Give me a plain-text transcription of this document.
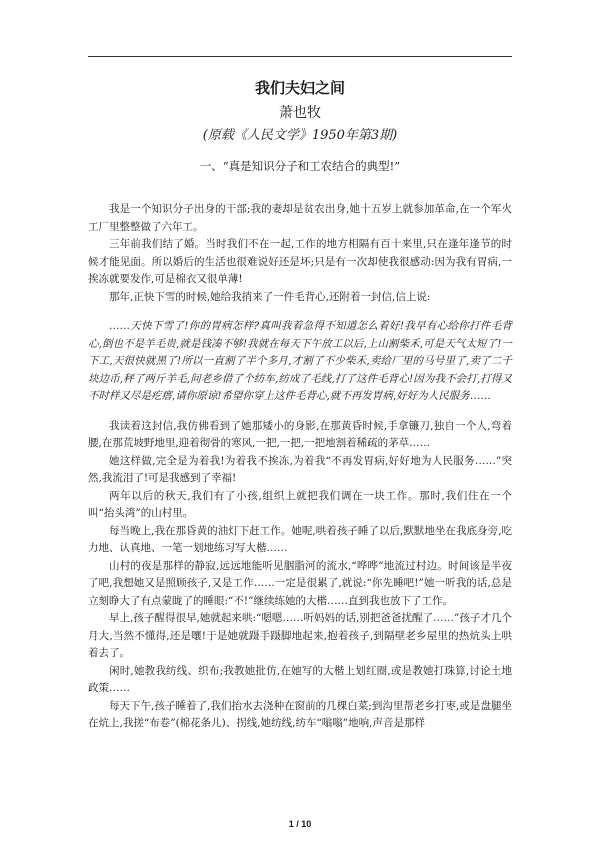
我们夫妇之间

萧也牧

(原载《人民文学》1950年第3期)

一、“真是知识分子和工农结合的典型!”

我是一个知识分子出身的干部;我的妻却是贫农出身,她十五岁上就参加革命,在一个军火工厂里整整做了六年工。

三年前我们结了婚。当时我们不在一起,工作的地方相隔有百十来里,只在逢年逢节的时候才能见面。所以婚后的生活也很难说好还是坏;只是有一次却使我很感动:因为我有胃病,一挨冻就要发作,可是棉衣又很单薄!

那年,正快下雪的时候,她给我捎来了一件毛背心,还附着一封信,信上说:

……天快下雪了!你的胃病怎样?真叫我着急得不知道怎么着好!我早有心给你打件毛背心,倒也不是羊毛贵,就是钱凑不够!我就在每天下午放工以后,上山割柴禾,可是天气太短了!一下工,天很快就黑了!所以一直割了半个多月,才割了不少柴禾,卖给厂里的马号里了,卖了二千块边币,秤了两斤羊毛,问老乡借了个纺车,纺成了毛线,打了这件毛背心!因为我不会打,打得又不时样又尽是疙瘩,请你原谅!希望你穿上这件毛背心,就不再发胃病,好好为人民服务……

我读着这封信,我仿佛看到了她那矮小的身影,在那黄昏时候,手拿镰刀,独自一个人,弯着腰,在那荒坡野地里,迎着彻骨的寒风,一把,一把,一把地割着稀疏的茅草……

她这样做,完全是为着我!为着我不挨冻,为着我“不再发胃病,好好地为人民服务……”突然,我流泪了!可是我感到了幸福!

两年以后的秋天,我们有了小孩,组织上就把我们调在一块工作。那时,我们住在一个叫“抬头湾”的山村里。

每当晚上,我在那昏黄的油灯下赶工作。她呢,哄着孩子睡了以后,默默地坐在我底身旁,吃力地、认真地、一笔一划地练习写大楷……

山村的夜是那样的静寂,远远地能听见胭脂河的流水,“哗哗”地流过村边。时间该是半夜了吧,我想她又是照顾孩子,又是工作……一定是很累了,就说:“你先睡吧!”她一听我的话,总是立刻睁大了有点蒙眬了的睡眼:“不!”继续练她的大楷……直到我也放下了工作。

早上,孩子醒得很早,她就起来哄:“嗯嗯……听妈妈的话,别把爸爸扰醒了……”孩子才几个月大,当然不懂得,还是嚷!于是她就蹑手蹑脚地起来,抱着孩子,到隔壁老乡屋里的热炕头上哄着去了。

闲时,她教我纺线、织布;我教她批仿,在她写的大楷上划红圈,或是教她打珠算,讨论土地政策……

每天下午,孩子睡着了,我们抬水去浇种在窗前的几棵白菜;到沟里帮老乡打枣,或是盘腿坐在炕上,我搓“布卷”(棉花条儿)、拐线,她纺线,纺车“嗡嗡”地响,声音是那样

1 / 10
